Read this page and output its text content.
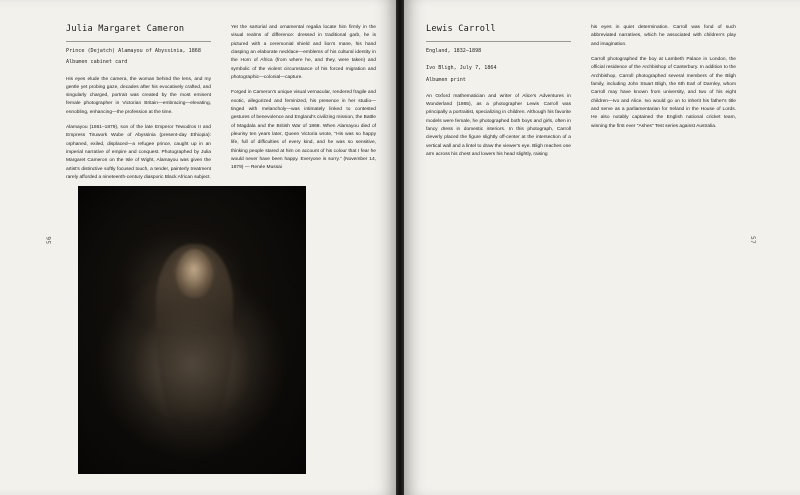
56
Julia Margaret Cameron
Prince (Dejatch) Alamayou of Abyssinia, 1868
Albumen cabinet card

His eyes elude the camera, the woman behind the lens, and my gentle yet probing gaze, decades after his evocatively crafted, and singularly charged, portrait was created by the most eminent female photographer in Victorian Britain—embracing—elevating, ennobling, enhancing—the profession at the time.

Alamayou (1861–1879), son of the late Emperor Tewodros II and Empress Tiruwork Wube of Abyssinia (present-day Ethiopia): orphaned, exiled, displaced—a refugee prince, caught up in an imperial narrative of empire and conquest. Photographed by Julia Margaret Cameron on the Isle of Wight, Alamayou was given the artist's distinctive softly focused touch, a tender, painterly treatment rarely afforded a nineteenth-century diasporic Black African subject.

Yet the sartorial and ornamental regalia locate him firmly in the visual realms of difference: dressed in traditional garb, he is pictured with a ceremonial shield and lion's mane, his hand clasping an elaborate necklace—emblems of his cultural identity in the Horn of Africa (from where he, and they, were taken) and symbolic of the violent circumstance of his forced migration and photographic—colonial—capture.

Forged in Cameron's unique visual vernacular, rendered fragile and exotic, allegorized and feminized, his presence in her studio—tinged with melancholy—was intimately linked to contested gestures of benevolence and England's civilizing mission, the Battle of Magdala and the British War of 1868. When Alamayou died of pleurisy ten years later, Queen Victoria wrote, "His was so happy life, full of difficulties of every kind, and he was so sensitive, thinking people stared at him on account of his colour that I fear he would never have been happy. Everyone is sorry." (November 14, 1879) — Renée Mussai

57
Lewis Carroll
England, 1832–1898
Ivo Bligh, July 7, 1864
Albumen print

An Oxford mathematician and writer of Alice's Adventures in Wonderland (1865), as a photographer Lewis Carroll was principally a portraitist, specializing in children. Although his favorite models were female, he photographed both boys and girls, often in fancy dress in domestic interiors. In this photograph, Carroll cleverly placed the figure slightly off-center at the intersection of a vertical wall and a lintel to draw the viewer's eye. Bligh reaches one arm across his chest and lowers his head slightly, raising

his eyes in quiet determination. Carroll was fond of such abbreviated narratives, which he associated with children's play and imagination.

Carroll photographed the boy at Lambeth Palace in London, the official residence of the Archbishop of Canterbury. In addition to the Archbishop, Carroll photographed several members of the Bligh family, including John Stuart Bligh, the 6th Earl of Darnley, whom Carroll may have known from university, and two of his eight children—Ivo and Alice. Ivo would go on to inherit his father's title and serve as a parliamentarian for Ireland in the House of Lords. He also notably captained the English national cricket team, winning the first ever "Ashes" Test series against Australia.
